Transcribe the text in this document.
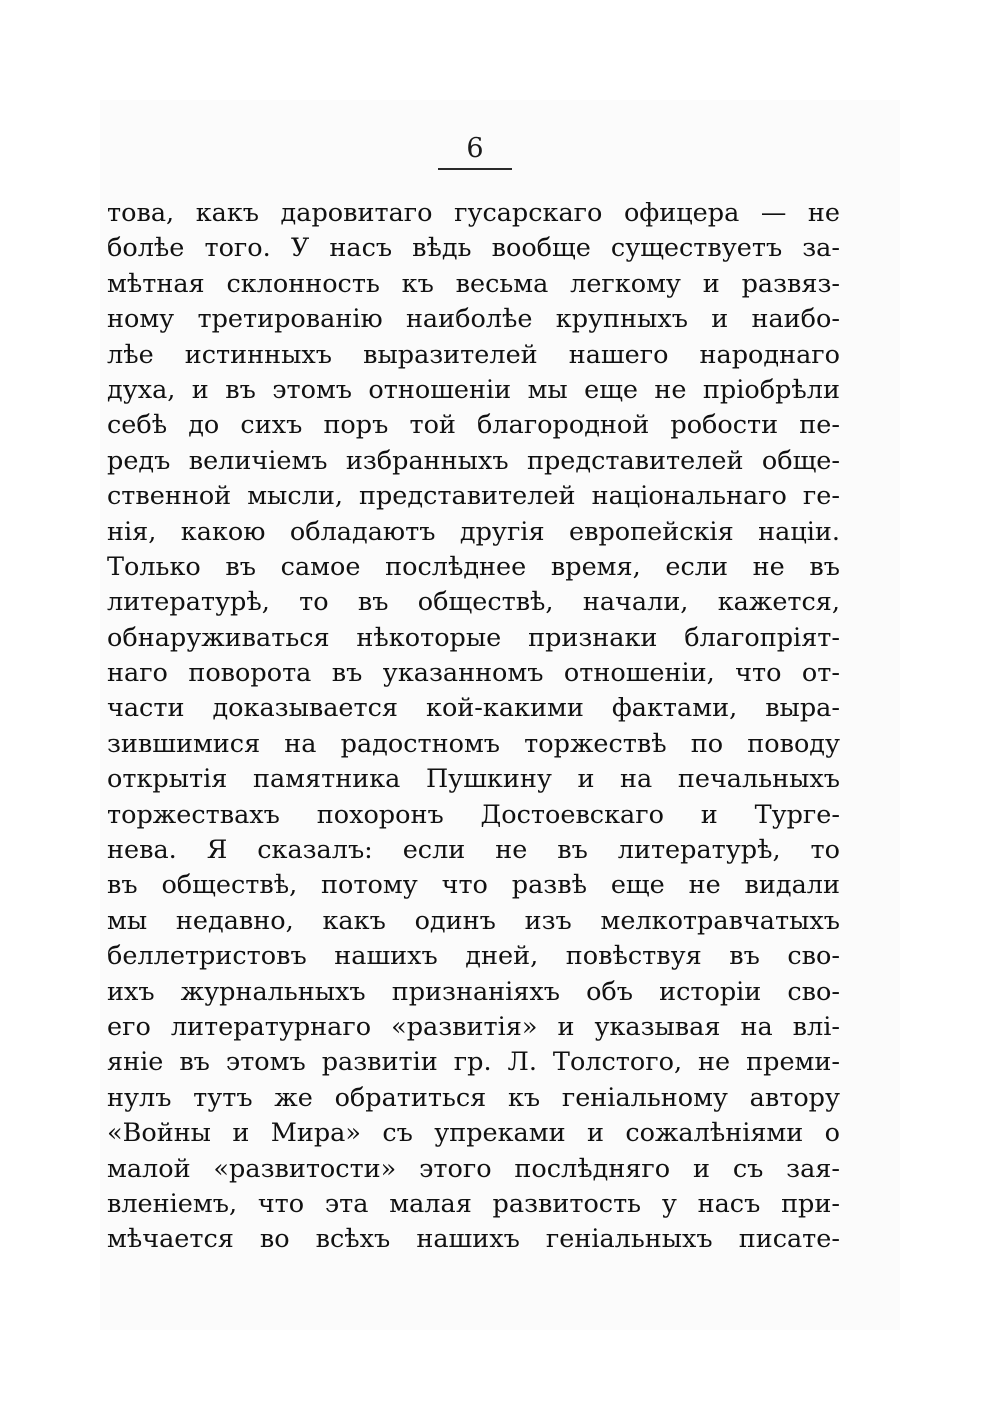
6
това, какъ даровитаго гусарскаго офицера — не
болѣе того. У насъ вѣдь вообще существуетъ за-
мѣтная склонность къ весьма легкому и развяз-
ному третированію наиболѣе крупныхъ и наибо-
лѣе истинныхъ выразителей нашего народнаго
духа, и въ этомъ отношеніи мы еще не пріобрѣли
себѣ до сихъ поръ той благородной робости пе-
редъ величіемъ избранныхъ представителей обще-
ственной мысли, представителей національнаго ге-
нія, какою обладаютъ другія европейскія націи.
Только въ самое послѣднее время, если не въ
литературѣ, то въ обществѣ, начали, кажется,
обнаруживаться нѣкоторые признаки благопріят-
наго поворота въ указанномъ отношеніи, что от-
части доказывается кой-какими фактами, выра-
зившимися на радостномъ торжествѣ по поводу
открытія памятника Пушкину и на печальныхъ
торжествахъ похоронъ Достоевскаго и Турге-
нева. Я сказалъ: если не въ литературѣ, то
въ обществѣ, потому что развѣ еще не видали
мы недавно, какъ одинъ изъ мелкотравчатыхъ
беллетристовъ нашихъ дней, повѣствуя въ сво-
ихъ журнальныхъ признаніяхъ объ исторіи сво-
его литературнаго «развитія» и указывая на влі-
яніе въ этомъ развитіи гр. Л. Толстого, не преми-
нулъ тутъ же обратиться къ геніальному автору
«Войны и Мира» съ упреками и сожалѣніями о
малой «развитости» этого послѣдняго и съ зая-
вленіемъ, что эта малая развитость у насъ при-
мѣчается во всѣхъ нашихъ геніальныхъ писате-
